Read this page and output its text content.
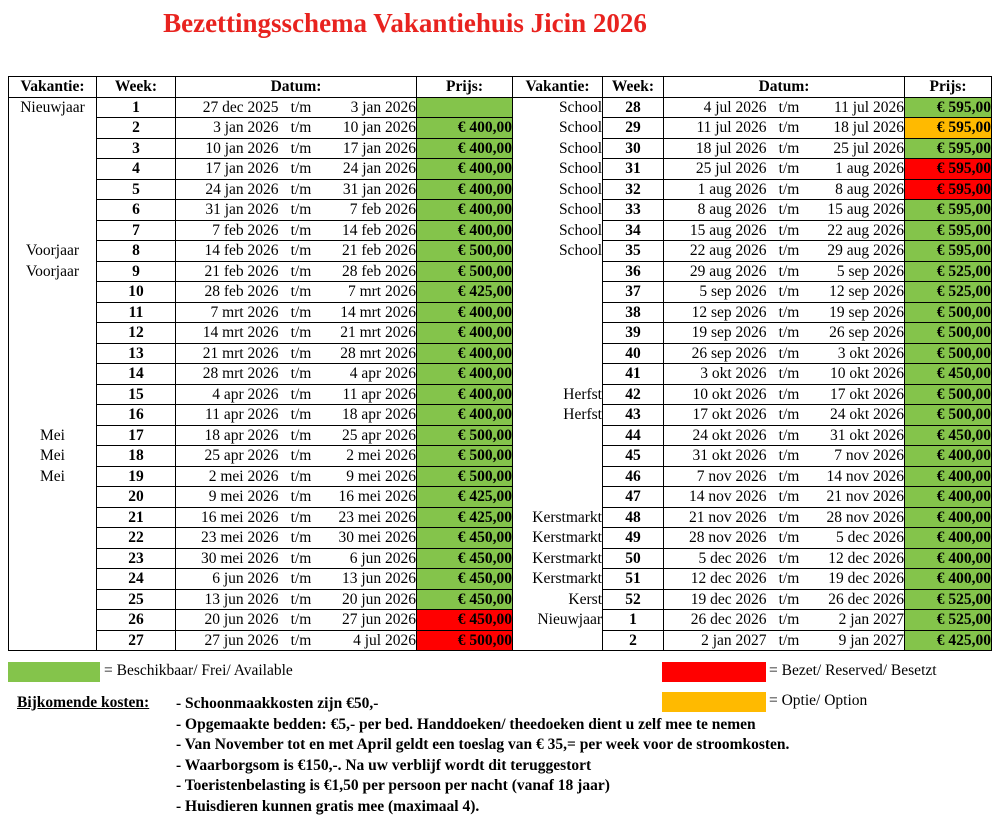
Bezettingsschema Vakantiehuis Jicin 2026
Vakantie:	Week:	Datum:			Prijs:	Vakantie:	Week:	Datum:			Prijs:
Nieuwjaar	1	27 dec 2025	t/m	3 jan 2026		School	28	4 jul 2026	t/m	11 jul 2026	€ 595,00
	2	3 jan 2026	t/m	10 jan 2026	€ 400,00	School	29	11 jul 2026	t/m	18 jul 2026	€ 595,00
	3	10 jan 2026	t/m	17 jan 2026	€ 400,00	School	30	18 jul 2026	t/m	25 jul 2026	€ 595,00
	4	17 jan 2026	t/m	24 jan 2026	€ 400,00	School	31	25 jul 2026	t/m	1 aug 2026	€ 595,00
	5	24 jan 2026	t/m	31 jan 2026	€ 400,00	School	32	1 aug 2026	t/m	8 aug 2026	€ 595,00
	6	31 jan 2026	t/m	7 feb 2026	€ 400,00	School	33	8 aug 2026	t/m	15 aug 2026	€ 595,00
	7	7 feb 2026	t/m	14 feb 2026	€ 400,00	School	34	15 aug 2026	t/m	22 aug 2026	€ 595,00
Voorjaar	8	14 feb 2026	t/m	21 feb 2026	€ 500,00	School	35	22 aug 2026	t/m	29 aug 2026	€ 595,00
Voorjaar	9	21 feb 2026	t/m	28 feb 2026	€ 500,00		36	29 aug 2026	t/m	5 sep 2026	€ 525,00
	10	28 feb 2026	t/m	7 mrt 2026	€ 425,00		37	5 sep 2026	t/m	12 sep 2026	€ 525,00
	11	7 mrt 2026	t/m	14 mrt 2026	€ 400,00		38	12 sep 2026	t/m	19 sep 2026	€ 500,00
	12	14 mrt 2026	t/m	21 mrt 2026	€ 400,00		39	19 sep 2026	t/m	26 sep 2026	€ 500,00
	13	21 mrt 2026	t/m	28 mrt 2026	€ 400,00		40	26 sep 2026	t/m	3 okt 2026	€ 500,00
	14	28 mrt 2026	t/m	4 apr 2026	€ 400,00		41	3 okt 2026	t/m	10 okt 2026	€ 450,00
	15	4 apr 2026	t/m	11 apr 2026	€ 400,00	Herfst	42	10 okt 2026	t/m	17 okt 2026	€ 500,00
	16	11 apr 2026	t/m	18 apr 2026	€ 400,00	Herfst	43	17 okt 2026	t/m	24 okt 2026	€ 500,00
Mei	17	18 apr 2026	t/m	25 apr 2026	€ 500,00		44	24 okt 2026	t/m	31 okt 2026	€ 450,00
Mei	18	25 apr 2026	t/m	2 mei 2026	€ 500,00		45	31 okt 2026	t/m	7 nov 2026	€ 400,00
Mei	19	2 mei 2026	t/m	9 mei 2026	€ 500,00		46	7 nov 2026	t/m	14 nov 2026	€ 400,00
	20	9 mei 2026	t/m	16 mei 2026	€ 425,00		47	14 nov 2026	t/m	21 nov 2026	€ 400,00
	21	16 mei 2026	t/m	23 mei 2026	€ 425,00	Kerstmarkt	48	21 nov 2026	t/m	28 nov 2026	€ 400,00
	22	23 mei 2026	t/m	30 mei 2026	€ 450,00	Kerstmarkt	49	28 nov 2026	t/m	5 dec 2026	€ 400,00
	23	30 mei 2026	t/m	6 jun 2026	€ 450,00	Kerstmarkt	50	5 dec 2026	t/m	12 dec 2026	€ 400,00
	24	6 jun 2026	t/m	13 jun 2026	€ 450,00	Kerstmarkt	51	12 dec 2026	t/m	19 dec 2026	€ 400,00
	25	13 jun 2026	t/m	20 jun 2026	€ 450,00	Kerst	52	19 dec 2026	t/m	26 dec 2026	€ 525,00
	26	20 jun 2026	t/m	27 jun 2026	€ 450,00	Nieuwjaar	1	26 dec 2026	t/m	2 jan 2027	€ 525,00
	27	27 jun 2026	t/m	4 jul 2026	€ 500,00		2	2 jan 2027	t/m	9 jan 2027	€ 425,00
= Beschikbaar/ Frei/ Available	= Bezet/ Reserved/ Besetzt
= Optie/ Option
Bijkomende kosten: - Schoonmaakkosten zijn €50,-
- Opgemaakte bedden: €5,- per bed. Handdoeken/ theedoeken dient u zelf mee te nemen
- Van November tot en met April geldt een toeslag van € 35,= per week voor de stroomkosten.
- Waarborgsom is €150,-. Na uw verblijf wordt dit teruggestort
- Toeristenbelasting is €1,50 per persoon per nacht (vanaf 18 jaar)
- Huisdieren kunnen gratis mee (maximaal 4).
